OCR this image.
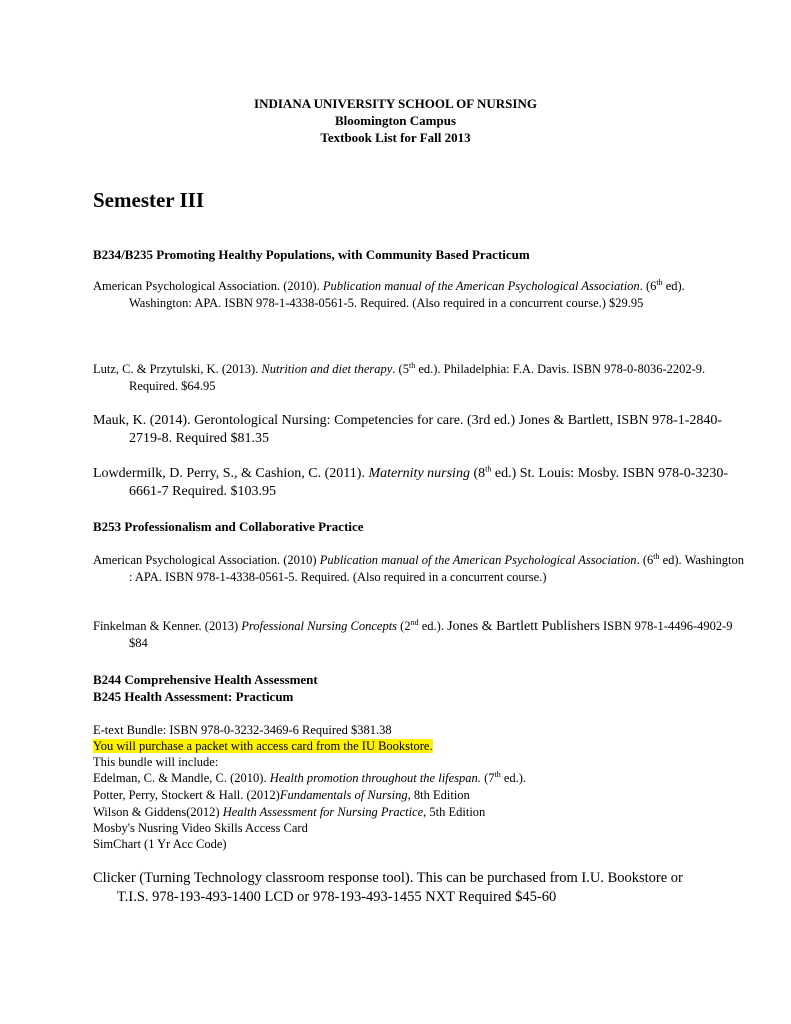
INDIANA UNIVERSITY SCHOOL OF NURSING
Bloomington Campus
Textbook List for Fall 2013
Semester III
B234/B235 Promoting Healthy Populations, with Community Based Practicum
American Psychological Association. (2010). Publication manual of the American Psychological Association. (6th ed). Washington: APA. ISBN 978-1-4338-0561-5. Required. (Also required in a concurrent course.) $29.95
Lutz, C. & Przytulski, K. (2013). Nutrition and diet therapy. (5th ed.). Philadelphia: F.A. Davis. ISBN 978-0-8036-2202-9. Required. $64.95
Mauk, K. (2014). Gerontological Nursing: Competencies for care. (3rd ed.) Jones & Bartlett, ISBN 978-1-2840-2719-8. Required $81.35
Lowdermilk, D. Perry, S., & Cashion, C. (2011). Maternity nursing (8th ed.) St. Louis: Mosby. ISBN 978-0-3230-6661-7 Required. $103.95
B253 Professionalism and Collaborative Practice
American Psychological Association. (2010) Publication manual of the American Psychological Association. (6th ed). Washington : APA. ISBN 978-1-4338-0561-5. Required. (Also required in a concurrent course.)
Finkelman & Kenner. (2013) Professional Nursing Concepts (2nd ed.). Jones & Bartlett Publishers ISBN 978-1-4496-4902-9 $84
B244 Comprehensive Health Assessment
B245 Health Assessment: Practicum
E-text Bundle: ISBN 978-0-3232-3469-6 Required $381.38
You will purchase a packet with access card from the IU Bookstore.
This bundle will include:
Edelman, C. & Mandle, C. (2010). Health promotion throughout the lifespan. (7th ed.).
Potter, Perry, Stockert & Hall. (2012)Fundamentals of Nursing, 8th Edition
Wilson & Giddens(2012) Health Assessment for Nursing Practice, 5th Edition
Mosby's Nusring Video Skills Access Card
SimChart (1 Yr Acc Code)
Clicker (Turning Technology classroom response tool). This can be purchased from I.U. Bookstore or T.I.S. 978-193-493-1400 LCD or 978-193-493-1455 NXT Required $45-60
